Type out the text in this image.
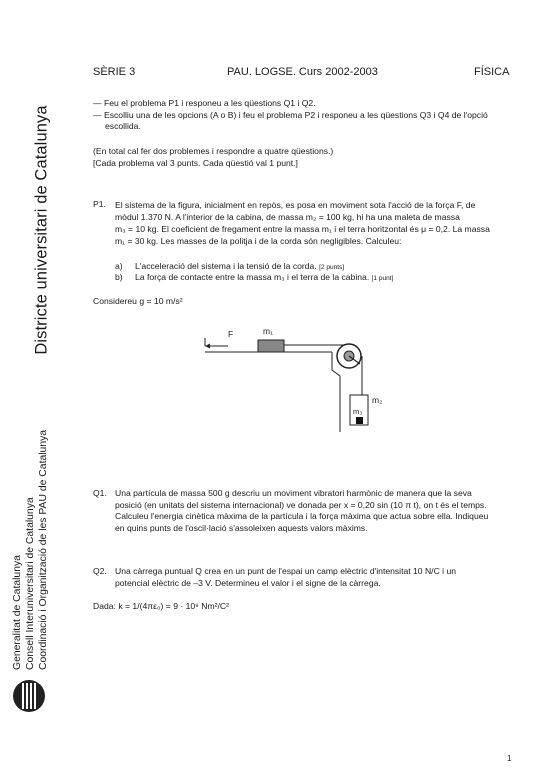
SÈRIE 3	PAU. LOGSE. Curs 2002-2003	FÍSICA
Districte universitari de Catalunya
Generalitat de Catalunya Consell Interuniversitari de Catalunya Coordinació i Organització de les PAU de Catalunya

— Feu el problema P1 i responeu a les qüestions Q1 i Q2.

— Escolliu una de les opcions (A o B) i feu el problema P2 i responeu a les qüestions Q3 i Q4 de l'opció

escollida.

(En total cal fer dos problemes i respondre a quatre qüestions.)

[Cada problema val 3 punts. Cada qüestió val 1 punt.]

P1. El sistema de la figura, inicialment en repòs, es posa en moviment sota l'acció de la força F, de

mòdul 1.370 N. A l'interior de la cabina, de massa m₂ = 100 kg, hi ha una maleta de massa

m₃ = 10 kg. El coeficient de fregament entre la massa m₁ i el terra horitzontal és μ = 0,2. La massa

m₁ = 30 kg. Les masses de la politja i de la corda són negligibles. Calculeu:

a) L'acceleració del sistema i la tensió de la corda. [2 punts]
b) La força de contacte entre la massa m₃ i el terra de la cabina. [1 punt]
Considereu g = 10 m/s²
F	m₁
m₂
m₃
Q1. Una partícula de massa 500 g descriu un moviment vibratori harmònic de manera que la seva

posició (en unitats del sistema internacional) ve donada per x = 0,20 sin (10 π t), on t és el temps.

Calculeu l'energia cinètica màxima de la partícula i la força màxima que actua sobre ella. Indiqueu

en quins punts de l'oscil·lació s'assoleixen aquests valors màxims.

Q2. Una càrrega puntual Q crea en un punt de l'espai un camp elèctric d'intensitat 10 N/C i un

potencial elèctric de –3 V. Determineu el valor i el signe de la càrrega.

Dada: k = 1/(4πε₀) = 9 · 10⁹ Nm²/C²
1
